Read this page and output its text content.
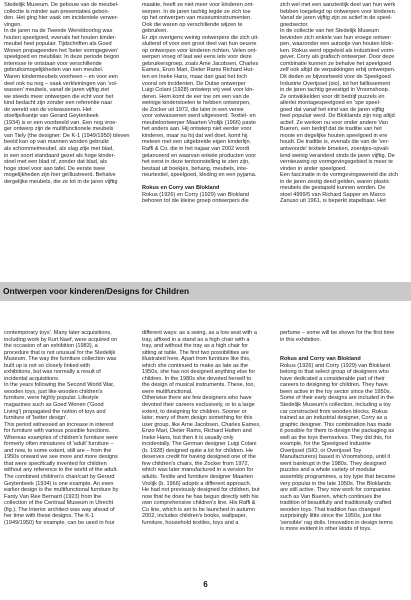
Stedelijk Museum. De gebouw van de meubel-
collectie is minder aan presentaties gebon-
den. Het ging hier vaak om incidentele verwer-
vingen.
In de jaren na de Tweede Wereldoorlog was
houten speelgoed, evenals het houten kinder-
meubel heel populair. Tijdschriften als Goed
Wonen propageerden het 'beter vormgegeven'
speelgoed en meubilair. In deze periode begon
interesse te ontstaan voor verschillende
gebruiksmogelijkheden van een meubel.
Waren kindermeubels voorheen – en voor een
deel ook nu nog – vaak verkleiningen van 'vol-
wassen' meubels, vanaf de jaren vijftig ziet
we steeds meer ontwerpen die echt voor het
kind bedacht zijn zonder een referentie naar
de wereld van de volwassenen. Het
stoeltje/kantje van Gerard Geytenbeek
(1934) is er een voorbeeld van. Een nog vroe-
ger ontwerp zijn de multifunctionele meubels
van Tiely (the designer: De K-1 (1949/1950) bleven
beeld kan op van mannen worden gebruikt
als schommelmeubel, als slag zitje met blad,
in een soort standaard gezet als hoge kinder-
stoel met een blad of, zonder dat blad, als
hoge stoel voor aan tafel. De eerste twee
mogelijkheden zijn hier geïllustreerd. Behalve
dergelijke meubels, die ze tot in de jaren vijftig
maakte, heeft ze niet meer voor kinderen ont-
worpen. In de jaren tachtig legde ze zich toe
op het ontwerpen van museuminstrumenten.
Ook die waren op verschillende wijzen te
gebruiken.
Er zijn overigens weinig ontwerpers die zich uit-
sluitend of voor een groot deel van hun oeuvre
op ontwerpen voor kinderen richten. Velen ont-
werpen vroeg of laat wel eens iets voor deze
gebruikersgroep, zoals Ame Jacobsen, Charles
Eames, Enzo Mari, Dieter Rams Richard Hut-
ten en Ineke Hans, maar dan gaat het toch
vooral om incidenten. De Dutse ontwerper
Luigi Colani (1928) ontwierp vrij veel voor kin-
deren. Hem komt de eer toe om een van de
weinige kinderstoelen te hebben ontworpen,
de Zocker uit 1972, die later in een versie
voor volwassenen werd uitgevoerd. Textiel- en
meubelontwerper Maarten Vrolijk (1966) paste
het anders aan. Hij ontwierp niet eerder voor
kinderen, maar nu hij dat wel doet, komt hij
meteen met een uitgebreide eigen kinderlijn.
Raffi & Co. die in het najaar van 2002 wordt
gelanceerd en waarvan enkele producten voor
het eerst in deze tentoonstelling te zien zijn,
bestaat uit boekjes, behang, meubels, inte-
rieurtextiel, speelgoed, kleding en een pyjama.
Rokus en Corry van Blokland
Rokus (1926) en Corry (1929) van Blokland
behoren tot die kleine groep ontwerpers die
zich wel met een aanzienlijk deel van hun werk
hebben toegelegd op ontwerpen voor kinderen.
Vanaf de jaren vijftig zijn ze actief in de speel-
goedsector.
In de collectie van het Stedelijk Museum
bevinden zich enkele van hun vroege ontwer-
pen, waaronder een autootje van houten blok-
ken. Rokus werd opgeleid als industrieel vorm-
gever, Corry als grafisch ontwerper. Door deze
combinatie kunnen ze behalve het speelgoed
zelf ook altijd de verpakkingen erbij ontwerpen.
Dit deden ze bijvoorbeeld voor de Speelgoed
Industrie Overijssel (sio), tot het faillissement
in de jaren tachtig gevestigd in Vroomshoop.
Ze ontwikkelden voor dit bedrijf puzzels en
allerlei montagespeelgoed en 'spe speel-
goed dat vanaf het eind van de jaren vijftig
heel populair werd. De Bloklands zijn nog altijd
actief. Ze werken nu voor onder andere Van
Bueren, een bedrijf dat de traditie van het
mooie en degelijke houten speelgoed in ere
houdt. De traditie is, evenals die van de 'ver-
antwoorde' textiele broeken, zoentjes-opvali-
lend weinig veranderd sinds de jaren vijftig. De
vernieuwing op vormgevingsgebied is meer te
vinden in ander speelgoed.
Een fascinatie in de vormgevingswereld die zich
in de jaren zestig deed gelden, waren plastic
meubels die gestapeld kunnen worden. De
stoel 4999/5 van Richard Sapper en Marco
Zanuso uit 1961, is beperkt stapelbaar. Het
Ontwerpen voor kinderen/Designs for Children
contemporary toys'. Many later acquisitions,
including work by Kurt Naef, were acquired on
the occasion of an exhibition (1983), a
procedure that is not unusual for the Stedelijk
Museum. The way the furniture collection was
built up is not so closely linked with
exhibitions, but was normally a result of
incidental acquisitions.
In the years following the Second World War,
wooden toys, just like wooden children's
furniture, were highly popular. Lifestyle
magazines such as Goed Wonen ('Good
Living') propagated the notion of toys and
furniture of 'better design'.
This period witnessed an increase in interest
for furniture with various possible functions.
Whereas examples of children's furniture were
formerly often miniatures of 'adult' furniture –
and now, to some extent, still are – from the
1950s onward we see more and more designs
that were specifically invented for children
without any reference to the world of the adult.
The combined children's chair/cart by Gerard
Geytenbeek (1934) is one example. An even
earlier design is the multifunctional furniture by
Fanty Van Ree Bernard (1923) from the
collection of the Centraal Museum in Utrecht
(fig.). The interior architect was way ahead of
her time with these designs. The K-1
(1949/1950) for example, can be used in four
different ways: as a swing, as a low seat with a
tray, affixed in a stand as a high chair with a
tray, and without the tray as a high chair for
sitting at table. The first two possibilities are
illustrated here. Apart from furniture like this,
which she continued to make as late as the
1950s, she has not designed anything else for
children. In the 1980s she devoted herself to
the design of musical instruments. These, too,
were multifunctional.
Otherwise there are few designers who have
devoted their careers exclusively, or to a large
extent, to designing for children. Sooner or
later, many of them design something for this
user group, like Arne Jacobsen, Charles Eames,
Enzo Mari, Dieter Rams, Richard Hutten and
Ineke Hans, but then it is usually only
incidentally. The German designer Luigi Colani
(b. 1928) designed quite a lot for children. He
deserves credit for having designed one of the
few children's chairs, the Zocker from 1972,
which was later manufactured in a version for
adults. Textile and furniture designer Maarten
Vrolijk (b. 1966) adopts a different approach.
He had not previously designed for children, but
now that he does he has begun directly with his
own comprehensive children's line. His Raffi &
Co line, which is set to be launched in autumn
2002, includes children's books, wallpaper,
furniture, household textiles, toys and a
perfume – some will be shown for the first time
in this exhibition.
Rokus and Corry van Blokland
Rokus (1926) and Corry (1929) van Blokland
belong to that select group of designers who
have dedicated a considerable part of their
careers to designing for children. They have
been active in the toy sector since the 1950s.
Some of their early designs are included in the
Stedelijk Museum's collection, including a toy
car constructed from wooden blocks. Rokus
trained as an industrial designer, Corry as a
graphic designer. This combination has made
it possible for them to design the packaging as
well as the toys themselves. They did this, for
example, for the Speelgoed Industrie
Overijssel (SIO, or Overijssel Toy
Manufacturers) based in Vroomshoop, until it
went bankrupt in the 1980s. They designed
puzzles and a whole variety of modular
assembly programmes, a toy type that became
very popular in the late 1950s. The Bloklands
are still active. They now work for companies
such as Van Bueren, which continues the
tradition of beautifully and traditionally crafted
wooden toys. That tradition has changed
surprisingly little since the 1950s, just like
'sensible' rag dolls. Innovation in design terms
is more evident in other kinds of toys.
6
